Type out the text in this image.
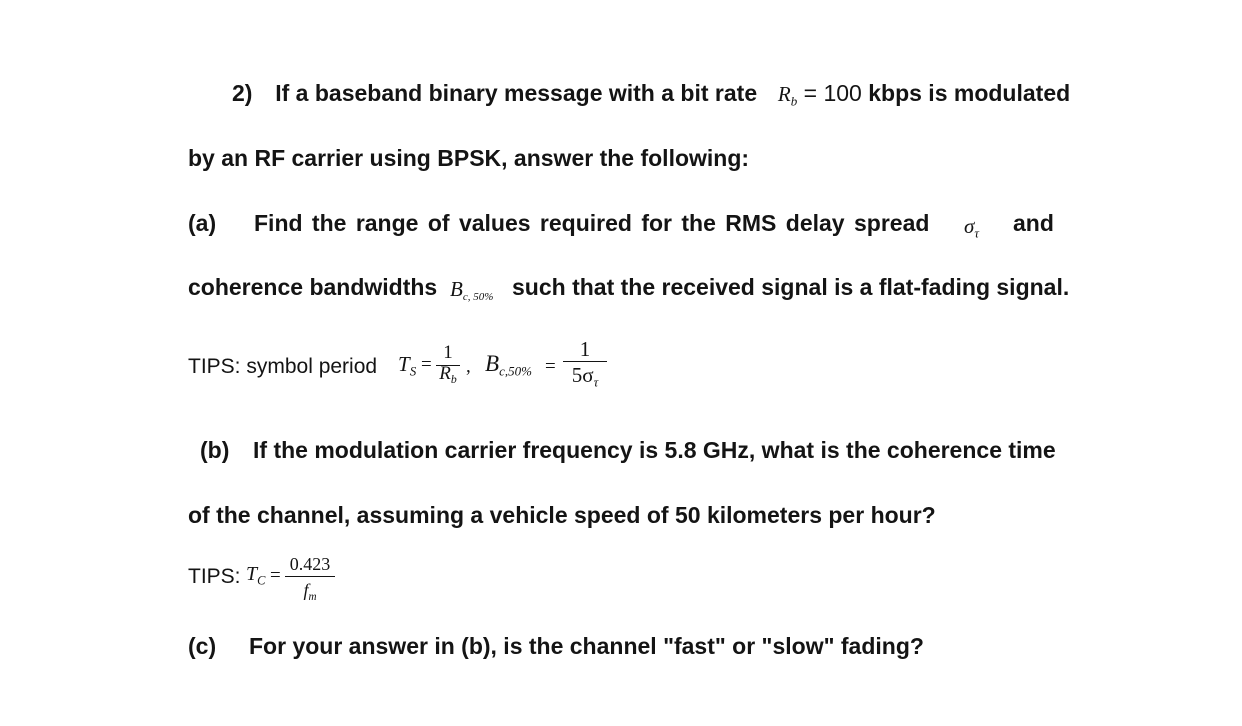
2) If a baseband binary message with a bit rate $R_b = 100$ kbps is modulated
by an RF carrier using BPSK, answer the following:
(a) Find the range of values required for the RMS delay spread $\sigma_\tau$ and
coherence bandwidths $B_{c, 50\%}$ such that the received signal is a flat-fading signal.
TIPS: symbol period $T_S$ =
1
$R_b$
, $B_{c,50\%}$ =
1
$5\sigma_\tau$
(b) If the modulation carrier frequency is 5.8 GHz, what is the coherence time
of the channel, assuming a vehicle speed of 50 kilometers per hour?
TIPS: $T_C$ =
0.423
$f_m$
(c) For your answer in (b), is the channel "fast" or "slow" fading?
